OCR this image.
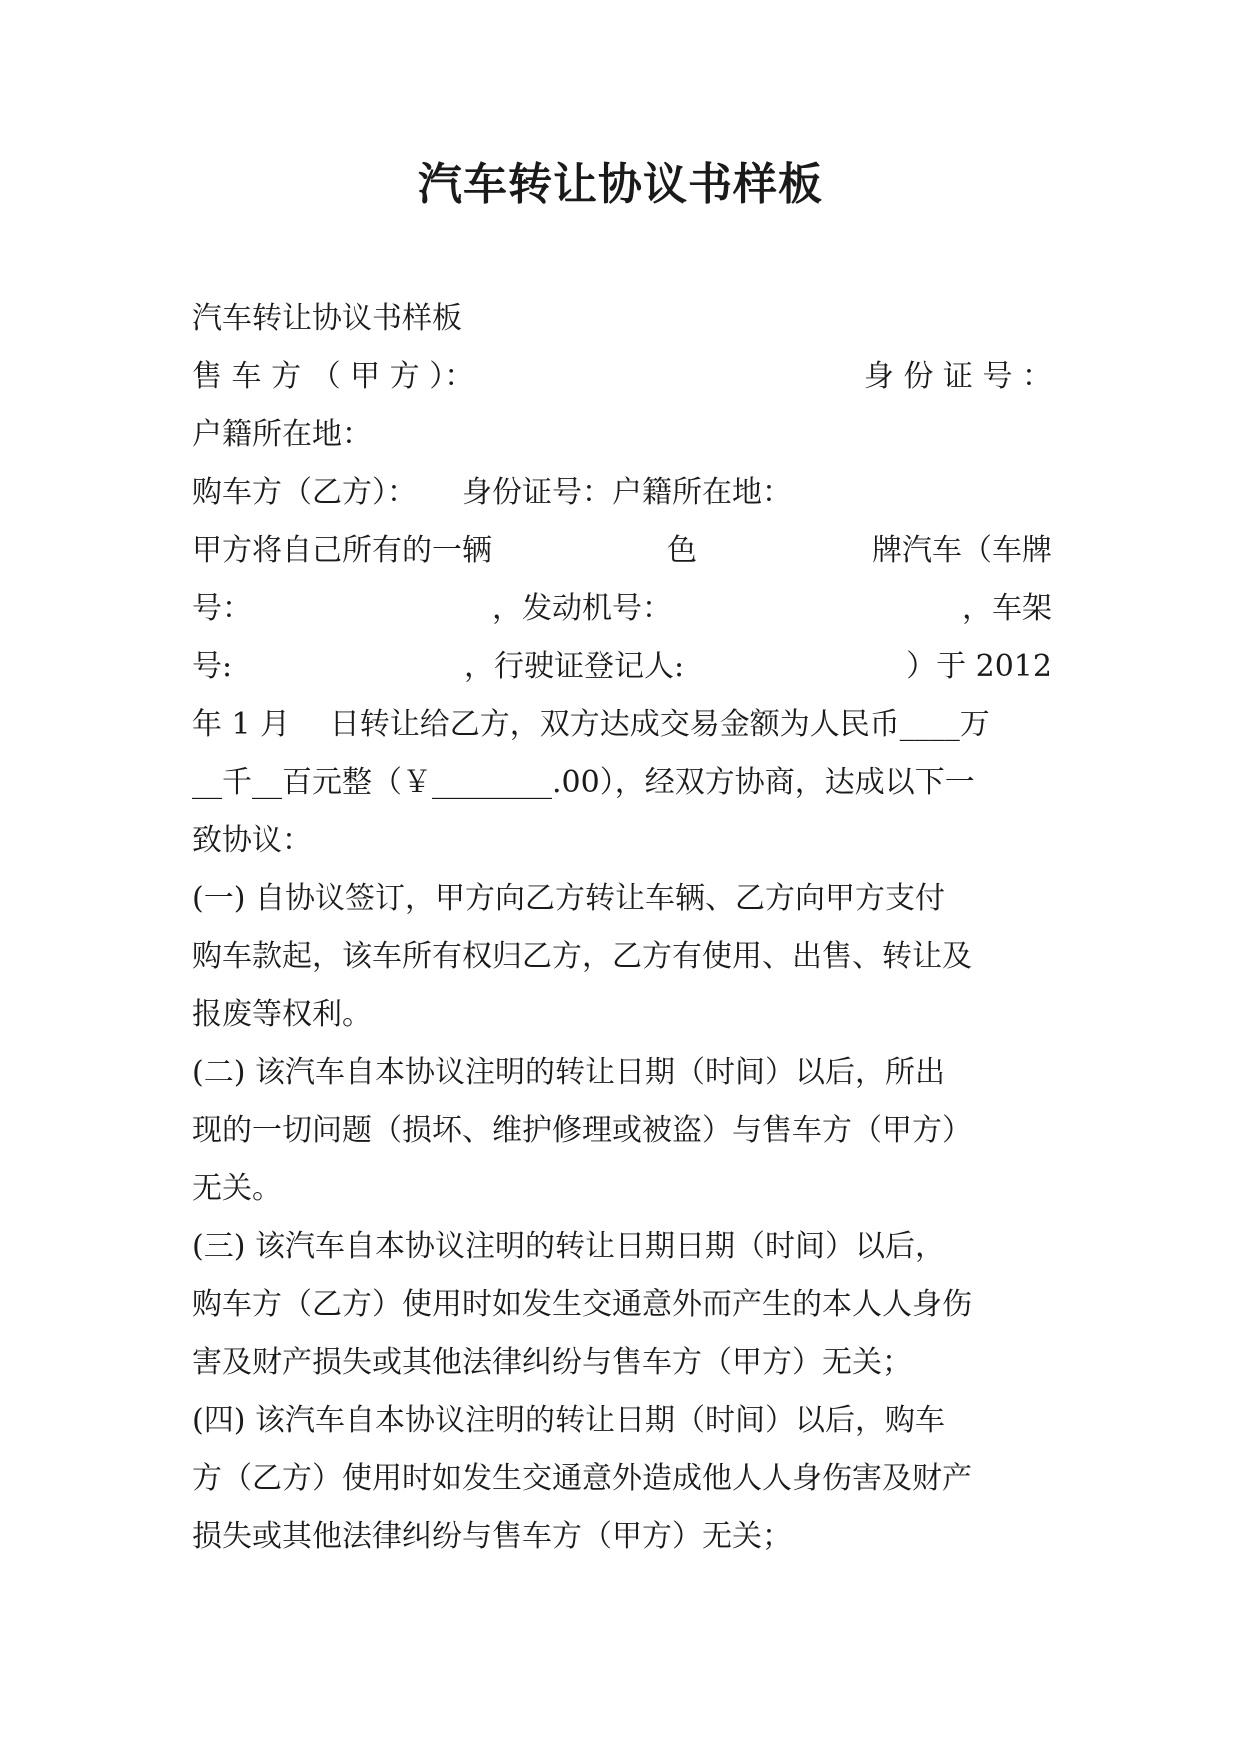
汽车转让协议书样板

汽车转让协议书样板

售 车 方 （ 甲 方 ）：	身 份 证 号 ：

户籍所在地：

购车方（乙方）：　　身份证号：户籍所在地：

甲方将自己所有的一辆	色	牌汽车（车牌

号：	，发动机号：	，车架

号:	，行驶证登记人:	）于 2012

年 1 月　 日转让给乙方，双方达成交易金额为人民币____万

__千__百元整（￥________.00），经双方协商，达成以下一

致协议：

(一) 自协议签订，甲方向乙方转让车辆、乙方向甲方支付

购车款起，该车所有权归乙方，乙方有使用、出售、转让及

报废等权利。

(二) 该汽车自本协议注明的转让日期（时间）以后，所出

现的一切问题（损坏、维护修理或被盗）与售车方（甲方）

无关。

(三) 该汽车自本协议注明的转让日期日期（时间）以后，

购车方（乙方）使用时如发生交通意外而产生的本人人身伤

害及财产损失或其他法律纠纷与售车方（甲方）无关；

(四) 该汽车自本协议注明的转让日期（时间）以后，购车

方（乙方）使用时如发生交通意外造成他人人身伤害及财产

损失或其他法律纠纷与售车方（甲方）无关；
